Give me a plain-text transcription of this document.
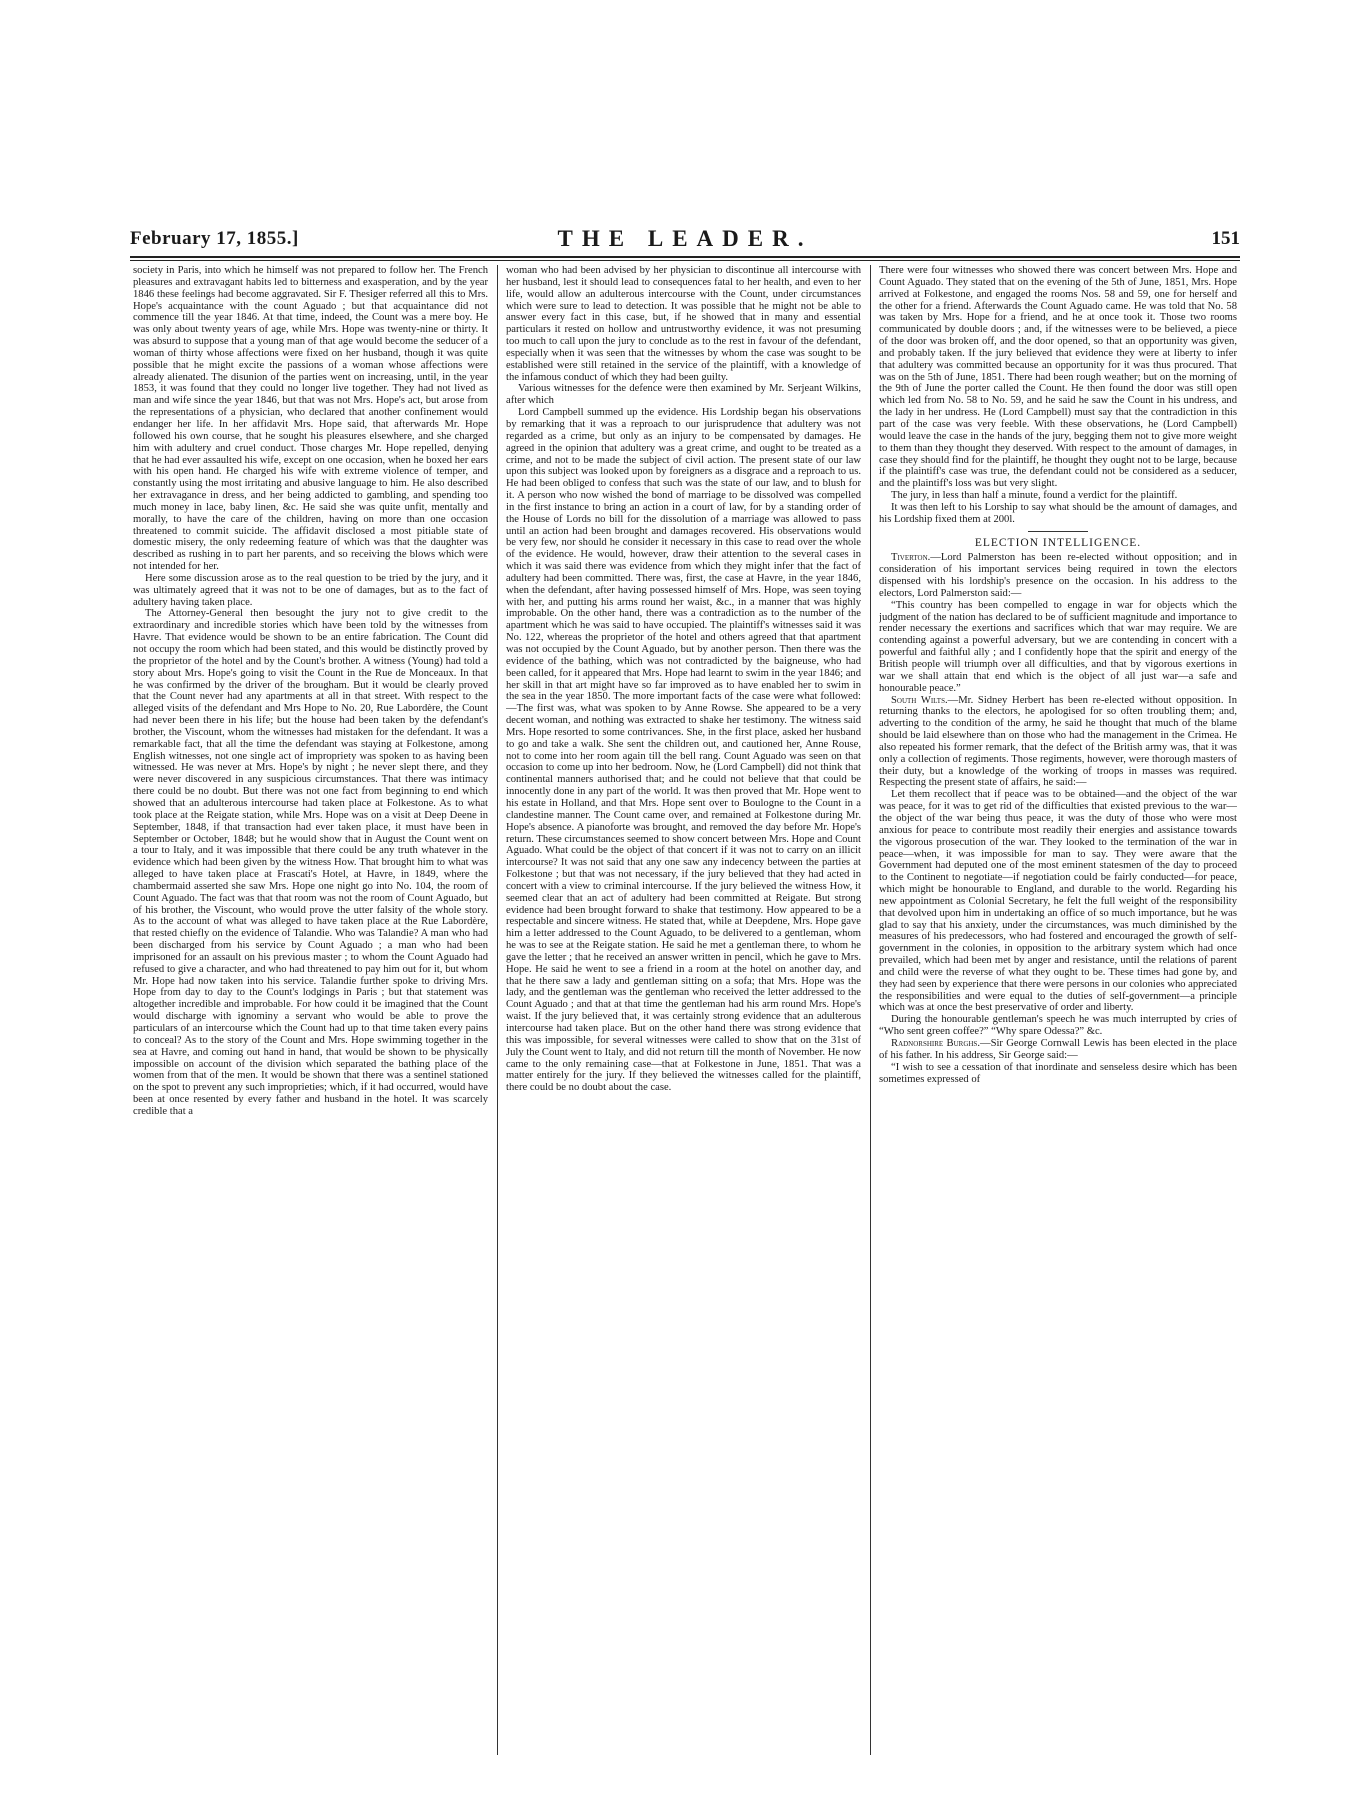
February 17, 1855.]	THE LEADER.	151

society in Paris, into which he himself was not prepared to follow her. The French pleasures and extravagant habits led to bitterness and exasperation, and by the year 1846 these feelings had become aggravated. Sir F. Thesiger referred all this to Mrs. Hope's acquaintance with the count Aguado ; but that acquaintance did not commence till the year 1846. At that time, indeed, the Count was a mere boy. He was only about twenty years of age, while Mrs. Hope was twenty-nine or thirty. It was absurd to suppose that a young man of that age would become the seducer of a woman of thirty whose affections were fixed on her husband, though it was quite possible that he might excite the passions of a woman whose affections were already alienated. The disunion of the parties went on increasing, until, in the year 1853, it was found that they could no longer live together. They had not lived as man and wife since the year 1846, but that was not Mrs. Hope's act, but arose from the representations of a physician, who declared that another confinement would endanger her life. In her affidavit Mrs. Hope said, that afterwards Mr. Hope followed his own course, that he sought his pleasures elsewhere, and she charged him with adultery and cruel conduct. Those charges Mr. Hope repelled, denying that he had ever assaulted his wife, except on one occasion, when he boxed her ears with his open hand. He charged his wife with extreme violence of temper, and constantly using the most irritating and abusive language to him. He also described her extravagance in dress, and her being addicted to gambling, and spending too much money in lace, baby linen, &c. He said she was quite unfit, mentally and morally, to have the care of the children, having on more than one occasion threatened to commit suicide. The affidavit disclosed a most pitiable state of domestic misery, the only redeeming feature of which was that the daughter was described as rushing in to part her parents, and so receiving the blows which were not intended for her.

Here some discussion arose as to the real question to be tried by the jury, and it was ultimately agreed that it was not to be one of damages, but as to the fact of adultery having taken place.

The Attorney-General then besought the jury not to give credit to the extraordinary and incredible stories which have been told by the witnesses from Havre. That evidence would be shown to be an entire fabrication. The Count did not occupy the room which had been stated, and this would be distinctly proved by the proprietor of the hotel and by the Count's brother. A witness (Young) had told a story about Mrs. Hope's going to visit the Count in the Rue de Monceaux. In that he was confirmed by the driver of the brougham. But it would be clearly proved that the Count never had any apartments at all in that street. With respect to the alleged visits of the defendant and Mrs Hope to No. 20, Rue Labordère, the Count had never been there in his life; but the house had been taken by the defendant's brother, the Viscount, whom the witnesses had mistaken for the defendant. It was a remarkable fact, that all the time the defendant was staying at Folkestone, among English witnesses, not one single act of impropriety was spoken to as having been witnessed. He was never at Mrs. Hope's by night ; he never slept there, and they were never discovered in any suspicious circumstances. That there was intimacy there could be no doubt. But there was not one fact from beginning to end which showed that an adulterous intercourse had taken place at Folkestone. As to what took place at the Reigate station, while Mrs. Hope was on a visit at Deep Deene in September, 1848, if that transaction had ever taken place, it must have been in September or October, 1848; but he would show that in August the Count went on a tour to Italy, and it was impossible that there could be any truth whatever in the evidence which had been given by the witness How. That brought him to what was alleged to have taken place at Frascati's Hotel, at Havre, in 1849, where the chambermaid asserted she saw Mrs. Hope one night go into No. 104, the room of Count Aguado. The fact was that that room was not the room of Count Aguado, but of his brother, the Viscount, who would prove the utter falsity of the whole story. As to the account of what was alleged to have taken place at the Rue Labordère, that rested chiefly on the evidence of Talandie. Who was Talandie? A man who had been discharged from his service by Count Aguado ; a man who had been imprisoned for an assault on his previous master ; to whom the Count Aguado had refused to give a character, and who had threatened to pay him out for it, but whom Mr. Hope had now taken into his service. Talandie further spoke to driving Mrs. Hope from day to day to the Count's lodgings in Paris ; but that statement was altogether incredible and improbable. For how could it be imagined that the Count would discharge with ignominy a servant who would be able to prove the particulars of an intercourse which the Count had up to that time taken every pains to conceal? As to the story of the Count and Mrs. Hope swimming together in the sea at Havre, and coming out hand in hand, that would be shown to be physically impossible on account of the division which separated the bathing place of the women from that of the men. It would be shown that there was a sentinel stationed on the spot to prevent any such improprieties; which, if it had occurred, would have been at once resented by every father and husband in the hotel. It was scarcely credible that a

woman who had been advised by her physician to discontinue all intercourse with her husband, lest it should lead to consequences fatal to her health, and even to her life, would allow an adulterous intercourse with the Count, under circumstances which were sure to lead to detection. It was possible that he might not be able to answer every fact in this case, but, if he showed that in many and essential particulars it rested on hollow and untrustworthy evidence, it was not presuming too much to call upon the jury to conclude as to the rest in favour of the defendant, especially when it was seen that the witnesses by whom the case was sought to be established were still retained in the service of the plaintiff, with a knowledge of the infamous conduct of which they had been guilty.

Various witnesses for the defence were then examined by Mr. Serjeant Wilkins, after which

Lord Campbell summed up the evidence. His Lordship began his observations by remarking that it was a reproach to our jurisprudence that adultery was not regarded as a crime, but only as an injury to be compensated by damages. He agreed in the opinion that adultery was a great crime, and ought to be treated as a crime, and not to be made the subject of civil action. The present state of our law upon this subject was looked upon by foreigners as a disgrace and a reproach to us. He had been obliged to confess that such was the state of our law, and to blush for it. A person who now wished the bond of marriage to be dissolved was compelled in the first instance to bring an action in a court of law, for by a standing order of the House of Lords no bill for the dissolution of a marriage was allowed to pass until an action had been brought and damages recovered. His observations would be very few, nor should he consider it necessary in this case to read over the whole of the evidence. He would, however, draw their attention to the several cases in which it was said there was evidence from which they might infer that the fact of adultery had been committed. There was, first, the case at Havre, in the year 1846, when the defendant, after having possessed himself of Mrs. Hope, was seen toying with her, and putting his arms round her waist, &c., in a manner that was highly improbable. On the other hand, there was a contradiction as to the number of the apartment which he was said to have occupied. The plaintiff's witnesses said it was No. 122, whereas the proprietor of the hotel and others agreed that that apartment was not occupied by the Count Aguado, but by another person. Then there was the evidence of the bathing, which was not contradicted by the baigneuse, who had been called, for it appeared that Mrs. Hope had learnt to swim in the year 1846; and her skill in that art might have so far improved as to have enabled her to swim in the sea in the year 1850. The more important facts of the case were what followed:—The first was, what was spoken to by Anne Rowse. She appeared to be a very decent woman, and nothing was extracted to shake her testimony. The witness said Mrs. Hope resorted to some contrivances. She, in the first place, asked her husband to go and take a walk. She sent the children out, and cautioned her, Anne Rouse, not to come into her room again till the bell rang. Count Aguado was seen on that occasion to come up into her bedroom. Now, he (Lord Campbell) did not think that continental manners authorised that; and he could not believe that that could be innocently done in any part of the world. It was then proved that Mr. Hope went to his estate in Holland, and that Mrs. Hope sent over to Boulogne to the Count in a clandestine manner. The Count came over, and remained at Folkestone during Mr. Hope's absence. A pianoforte was brought, and removed the day before Mr. Hope's return. These circumstances seemed to show concert between Mrs. Hope and Count Aguado. What could be the object of that concert if it was not to carry on an illicit intercourse? It was not said that any one saw any indecency between the parties at Folkestone ; but that was not necessary, if the jury believed that they had acted in concert with a view to criminal intercourse. If the jury believed the witness How, it seemed clear that an act of adultery had been committed at Reigate. But strong evidence had been brought forward to shake that testimony. How appeared to be a respectable and sincere witness. He stated that, while at Deepdene, Mrs. Hope gave him a letter addressed to the Count Aguado, to be delivered to a gentleman, whom he was to see at the Reigate station. He said he met a gentleman there, to whom he gave the letter ; that he received an answer written in pencil, which he gave to Mrs. Hope. He said he went to see a friend in a room at the hotel on another day, and that he there saw a lady and gentleman sitting on a sofa; that Mrs. Hope was the lady, and the gentleman was the gentleman who received the letter addressed to the Count Aguado ; and that at that time the gentleman had his arm round Mrs. Hope's waist. If the jury believed that, it was certainly strong evidence that an adulterous intercourse had taken place. But on the other hand there was strong evidence that this was impossible, for several witnesses were called to show that on the 31st of July the Count went to Italy, and did not return till the month of November. He now came to the only remaining case—that at Folkestone in June, 1851. That was a matter entirely for the jury. If they believed the witnesses called for the plaintiff, there could be no doubt about the case.

There were four witnesses who showed there was concert between Mrs. Hope and Count Aguado. They stated that on the evening of the 5th of June, 1851, Mrs. Hope arrived at Folkestone, and engaged the rooms Nos. 58 and 59, one for herself and the other for a friend. Afterwards the Count Aguado came. He was told that No. 58 was taken by Mrs. Hope for a friend, and he at once took it. Those two rooms communicated by double doors ; and, if the witnesses were to be believed, a piece of the door was broken off, and the door opened, so that an opportunity was given, and probably taken. If the jury believed that evidence they were at liberty to infer that adultery was committed because an opportunity for it was thus procured. That was on the 5th of June, 1851. There had been rough weather; but on the morning of the 9th of June the porter called the Count. He then found the door was still open which led from No. 58 to No. 59, and he said he saw the Count in his undress, and the lady in her undress. He (Lord Campbell) must say that the contradiction in this part of the case was very feeble. With these observations, he (Lord Campbell) would leave the case in the hands of the jury, begging them not to give more weight to them than they thought they deserved. With respect to the amount of damages, in case they should find for the plaintiff, he thought they ought not to be large, because if the plaintiff's case was true, the defendant could not be considered as a seducer, and the plaintiff's loss was but very slight.

The jury, in less than half a minute, found a verdict for the plaintiff.

It was then left to his Lorship to say what should be the amount of damages, and his Lordship fixed them at 200l.

ELECTION INTELLIGENCE.

Tiverton.—Lord Palmerston has been re-elected without opposition; and in consideration of his important services being required in town the electors dispensed with his lordship's presence on the occasion. In his address to the electors, Lord Palmerston said:—

“This country has been compelled to engage in war for objects which the judgment of the nation has declared to be of sufficient magnitude and importance to render necessary the exertions and sacrifices which that war may require. We are contending against a powerful adversary, but we are contending in concert with a powerful and faithful ally ; and I confidently hope that the spirit and energy of the British people will triumph over all difficulties, and that by vigorous exertions in war we shall attain that end which is the object of all just war—a safe and honourable peace.”

South Wilts.—Mr. Sidney Herbert has been re-elected without opposition. In returning thanks to the electors, he apologised for so often troubling them; and, adverting to the condition of the army, he said he thought that much of the blame should be laid elsewhere than on those who had the management in the Crimea. He also repeated his former remark, that the defect of the British army was, that it was only a collection of regiments. Those regiments, however, were thorough masters of their duty, but a knowledge of the working of troops in masses was required. Respecting the present state of affairs, he said:—

Let them recollect that if peace was to be obtained—and the object of the war was peace, for it was to get rid of the difficulties that existed previous to the war—the object of the war being thus peace, it was the duty of those who were most anxious for peace to contribute most readily their energies and assistance towards the vigorous prosecution of the war. They looked to the termination of the war in peace—when, it was impossible for man to say. They were aware that the Government had deputed one of the most eminent statesmen of the day to proceed to the Continent to negotiate—if negotiation could be fairly conducted—for peace, which might be honourable to England, and durable to the world. Regarding his new appointment as Colonial Secretary, he felt the full weight of the responsibility that devolved upon him in undertaking an office of so much importance, but he was glad to say that his anxiety, under the circumstances, was much diminished by the measures of his predecessors, who had fostered and encouraged the growth of self-government in the colonies, in opposition to the arbitrary system which had once prevailed, which had been met by anger and resistance, until the relations of parent and child were the reverse of what they ought to be. These times had gone by, and they had seen by experience that there were persons in our colonies who appreciated the responsibilities and were equal to the duties of self-government—a principle which was at once the best preservative of order and liberty.

During the honourable gentleman's speech he was much interrupted by cries of “Who sent green coffee?” “Why spare Odessa?” &c.

Radnorshire Burghs.—Sir George Cornwall Lewis has been elected in the place of his father. In his address, Sir George said:—

“I wish to see a cessation of that inordinate and senseless desire which has been sometimes expressed of
